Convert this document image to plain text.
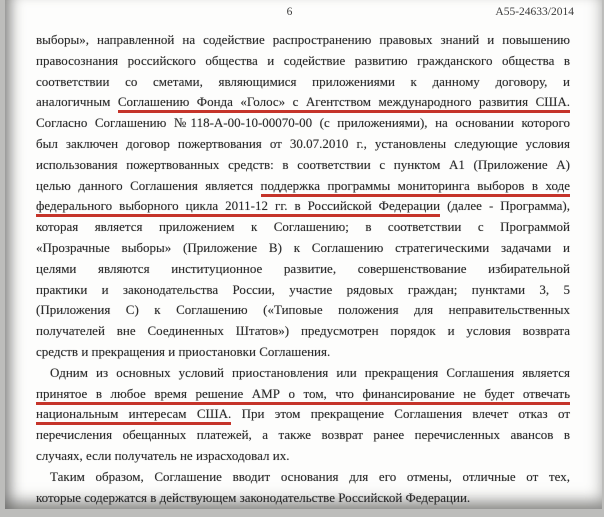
6	А55-24633/2014
выборы», направленной на содействие распространению правовых знаний и повышению
правосознания российского общества и содействие развитию гражданского общества в
соответствии со сметами, являющимися приложениями к данному договору, и
аналогичным Соглашению Фонда «Голос» с Агентством международного развития США.
Согласно Соглашению №118-А-00-10-00070-00 (с приложениями), на основании которого
был заключен договор пожертвования от 30.07.2010 г., установлены следующие условия
использования пожертвованных средств: в соответствии с пунктом А1 (Приложение А)
целью данного Соглашения является поддержка программы мониторинга выборов в ходе
федерального выборного цикла 2011-12 гг. в Российской Федерации (далее - Программа),
которая является приложением к Соглашению; в соответствии с Программой
«Прозрачные выборы» (Приложение В) к Соглашению стратегическими задачами и
целями являются институционное развитие, совершенствование избирательной
практики и законодательства России, участие рядовых граждан; пунктами 3, 5
(Приложения С) к Соглашению («Типовые положения для неправительственных
получателей вне Соединенных Штатов») предусмотрен порядок и условия возврата
средств и прекращения и приостановки Соглашения.
Одним из основных условий приостановления или прекращения Соглашения является
принятое в любое время решение АМР о том, что финансирование не будет отвечать
национальным интересам США. При этом прекращение Соглашения влечет отказ от
перечисления обещанных платежей, а также возврат ранее перечисленных авансов в
случаях, если получатель не израсходовал их.
Таким образом, Соглашение вводит основания для его отмены, отличные от тех,
которые содержатся в действующем законодательстве Российской Федерации.
